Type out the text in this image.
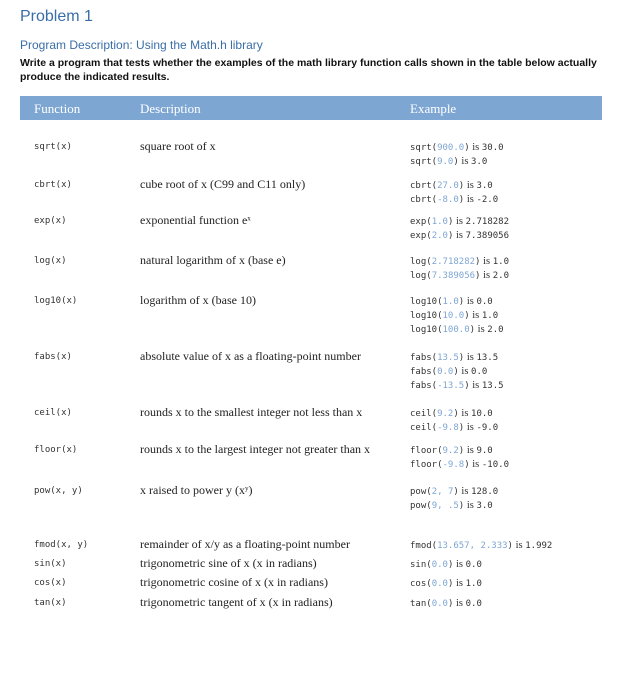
Problem 1
Program Description: Using the Math.h library
Write a program that tests whether the examples of the math library function calls shown in the table below actually produce the indicated results.
Function	Description	Example
sqrt(x)	square root of x	sqrt(900.0) is 30.0
sqrt(9.0) is 3.0
cbrt(x)	cube root of x (C99 and C11 only)	cbrt(27.0) is 3.0
cbrt(-8.0) is -2.0
exp(x)	exponential function eˣ	exp(1.0) is 2.718282
exp(2.0) is 7.389056
log(x)	natural logarithm of x (base e)	log(2.718282) is 1.0
log(7.389056) is 2.0
log10(x)	logarithm of x (base 10)	log10(1.0) is 0.0
log10(10.0) is 1.0
log10(100.0) is 2.0
fabs(x)	absolute value of x as a floating-point number	fabs(13.5) is 13.5
fabs(0.0) is 0.0
fabs(-13.5) is 13.5
ceil(x)	rounds x to the smallest integer not less than x	ceil(9.2) is 10.0
ceil(-9.8) is -9.0
floor(x)	rounds x to the largest integer not greater than x	floor(9.2) is 9.0
floor(-9.8) is -10.0
pow(x, y)	x raised to power y (xʸ)	pow(2, 7) is 128.0
pow(9, .5) is 3.0
fmod(x, y)	remainder of x/y as a floating-point number	fmod(13.657, 2.333) is 1.992
sin(x)	trigonometric sine of x (x in radians)	sin(0.0) is 0.0
cos(x)	trigonometric cosine of x (x in radians)	cos(0.0) is 1.0
tan(x)	trigonometric tangent of x (x in radians)	tan(0.0) is 0.0
